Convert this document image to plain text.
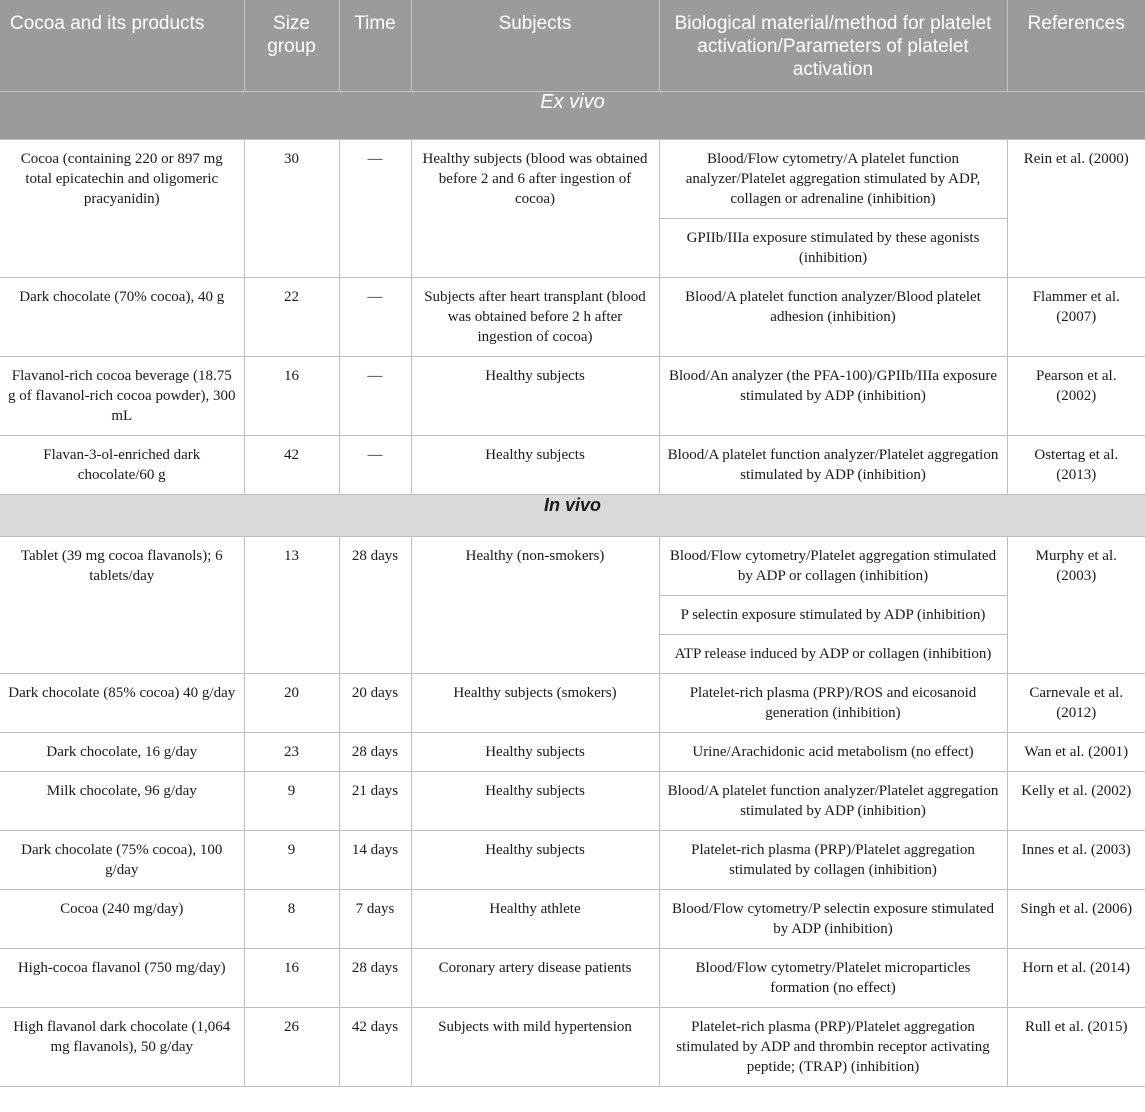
Cocoa and its products	Size group	Time	Subjects	Biological material/method for platelet activation/Parameters of platelet activation	References
Ex vivo					
Cocoa (containing 220 or 897 mg total epicatechin and oligomeric pracyanidin)	30	—	Healthy subjects (blood was obtained before 2 and 6 after ingestion of cocoa)	Blood/Flow cytometry/A platelet function analyzer/Platelet aggregation stimulated by ADP, collagen or adrenaline (inhibition)	Rein et al. (2000)
				GPIIb/IIIa exposure stimulated by these agonists (inhibition)	
Dark chocolate (70% cocoa), 40 g	22	—	Subjects after heart transplant (blood was obtained before 2 h after ingestion of cocoa)	Blood/A platelet function analyzer/Blood platelet adhesion (inhibition)	Flammer et al. (2007)
Flavanol-rich cocoa beverage (18.75 g of flavanol-rich cocoa powder), 300 mL	16	—	Healthy subjects	Blood/An analyzer (the PFA-100)/GPIIb/IIIa exposure stimulated by ADP (inhibition)	Pearson et al. (2002)
Flavan-3-ol-enriched dark chocolate/60 g	42	—	Healthy subjects	Blood/A platelet function analyzer/Platelet aggregation stimulated by ADP (inhibition)	Ostertag et al. (2013)
In vivo					
Tablet (39 mg cocoa flavanols); 6 tablets/day	13	28 days	Healthy (non-smokers)	Blood/Flow cytometry/Platelet aggregation stimulated by ADP or collagen (inhibition)	Murphy et al. (2003)
				P selectin exposure stimulated by ADP (inhibition)	
				ATP release induced by ADP or collagen (inhibition)	
Dark chocolate (85% cocoa) 40 g/day	20	20 days	Healthy subjects (smokers)	Platelet-rich plasma (PRP)/ROS and eicosanoid generation (inhibition)	Carnevale et al. (2012)
Dark chocolate, 16 g/day	23	28 days	Healthy subjects	Urine/Arachidonic acid metabolism (no effect)	Wan et al. (2001)
Milk chocolate, 96 g/day	9	21 days	Healthy subjects	Blood/A platelet function analyzer/Platelet aggregation stimulated by ADP (inhibition)	Kelly et al. (2002)
Dark chocolate (75% cocoa), 100 g/day	9	14 days	Healthy subjects	Platelet-rich plasma (PRP)/Platelet aggregation stimulated by collagen (inhibition)	Innes et al. (2003)
Cocoa (240 mg/day)	8	7 days	Healthy athlete	Blood/Flow cytometry/P selectin exposure stimulated by ADP (inhibition)	Singh et al. (2006)
High-cocoa flavanol (750 mg/day)	16	28 days	Coronary artery disease patients	Blood/Flow cytometry/Platelet microparticles formation (no effect)	Horn et al. (2014)
High flavanol dark chocolate (1,064 mg flavanols), 50 g/day	26	42 days	Subjects with mild hypertension	Platelet-rich plasma (PRP)/Platelet aggregation stimulated by ADP and thrombin receptor activating peptide; (TRAP) (inhibition)	Rull et al. (2015)
